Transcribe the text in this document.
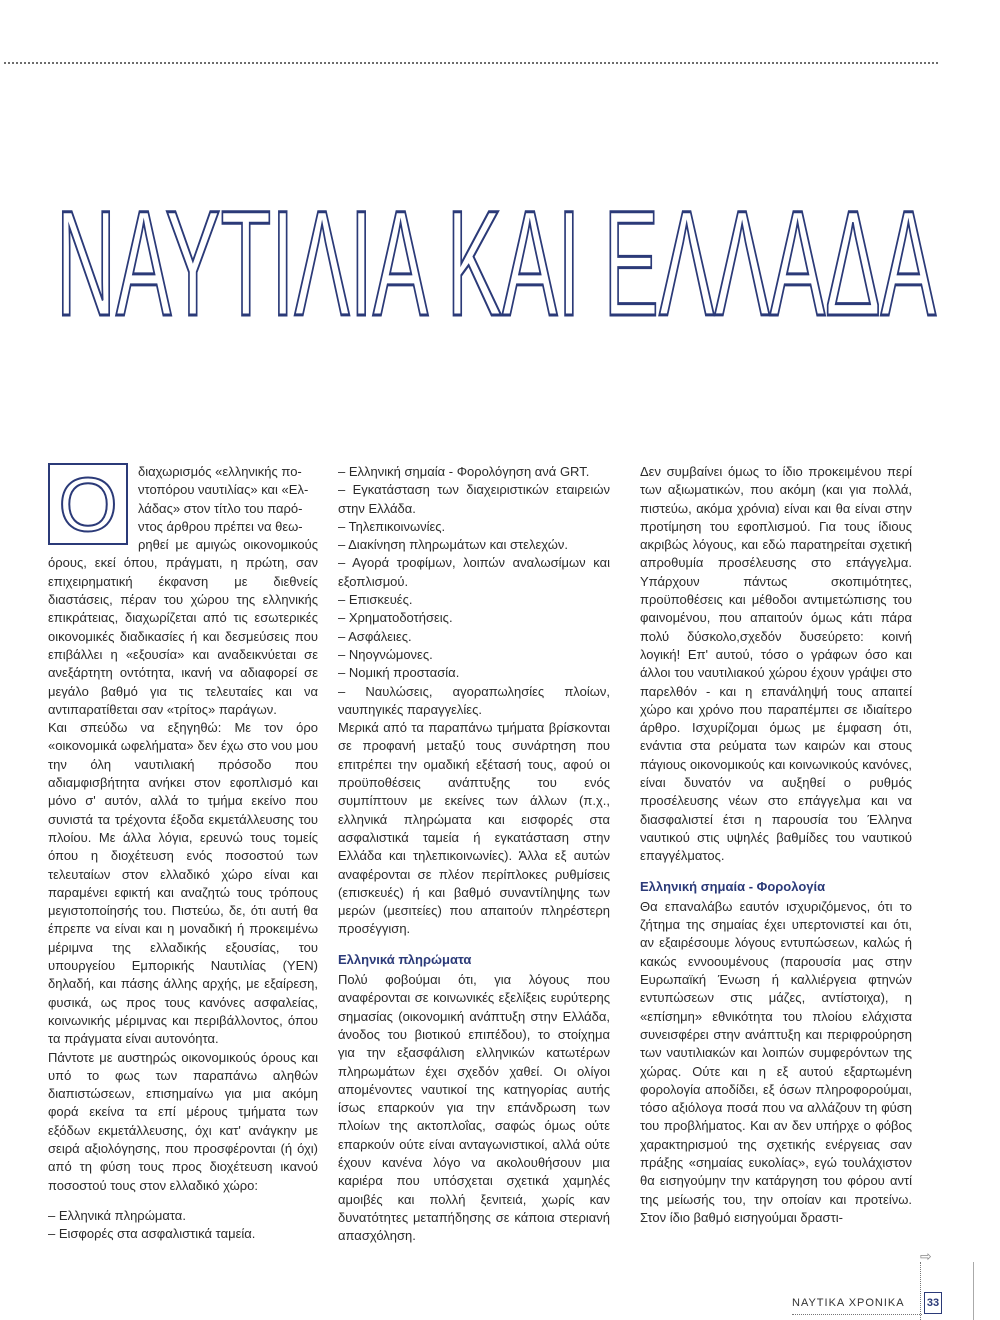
ΝΑΥΤΙΛΙΑ ΚΑΙ ΕΛΛΑΔΑ
Ο	διαχωρισμός «ελληνικής πο-
ντοπόρου ναυτιλίας» και «Ελ-
λάδας» στον τίτλο του παρό-
ντος άρθρου πρέπει να θεω-

ρηθεί με αμιγώς οικονομικούς όρους, εκεί όπου, πράγματι, η πρώτη, σαν επιχειρηματική έκφανση με διεθνείς διαστάσεις, πέραν του χώρου της ελληνικής επικράτειας, διαχωρίζεται από τις εσωτερικές οικονομικές διαδικασίες ή και δεσμεύσεις που επιβάλλει η «εξουσία» και αναδεικνύεται σε ανεξάρτητη οντότητα, ικανή να αδιαφορεί σε μεγάλο βαθμό για τις τελευταίες και να αντιπαρατίθεται σαν «τρίτος» παράγων.

Και σπεύδω να εξηγηθώ: Με τον όρο «οικονομικά ωφελήματα» δεν έχω στο νου μου την όλη ναυτιλιακή πρόσοδο που αδιαμφισβήτητα ανήκει στον εφοπλισμό και μόνο σ' αυτόν, αλλά το τμήμα εκείνο που συνιστά τα τρέχοντα έξοδα εκμετάλλευσης του πλοίου. Με άλλα λόγια, ερευνώ τους τομείς όπου η διοχέτευση ενός ποσοστού των τελευταίων στον ελλαδικό χώρο είναι και παραμένει εφικτή και αναζητώ τους τρόπους μεγιστοποίησής του. Πιστεύω, δε, ότι αυτή θα έπρεπε να είναι και η μοναδική ή προκειμένω μέριμνα της ελλαδικής εξουσίας, του υπουργείου Εμπορικής Ναυτιλίας (ΥΕΝ) δηλαδή, και πάσης άλλης αρχής, με εξαίρεση, φυσικά, ως προς τους κανόνες ασφαλείας, κοινωνικής μέριμνας και περιβάλλοντος, όπου τα πράγματα είναι αυτονόητα.

Πάντοτε με αυστηρώς οικονομικούς όρους και υπό το φως των παραπάνω αληθών διαπιστώσεων, επισημαίνω για μια ακόμη φορά εκείνα τα επί μέρους τμήματα των εξόδων εκμετάλλευσης, όχι κατ' ανάγκην με σειρά αξιολόγησης, που προσφέρονται (ή όχι) από τη φύση τους προς διοχέτευση ικανού ποσοστού τους στον ελλαδικό χώρο:

– Ελληνικά πληρώματα.
– Εισφορές στα ασφαλιστικά ταμεία.
– Ελληνική σημαία - Φορολόγηση ανά GRT.
– Εγκατάσταση των διαχειριστικών εταιρειών στην Ελλάδα.
– Τηλεπικοινωνίες.
– Διακίνηση πληρωμάτων και στελεχών.
– Αγορά τροφίμων, λοιπών αναλωσίμων και εξοπλισμού.
– Επισκευές.
– Χρηματοδοτήσεις.
– Ασφάλειες.
– Νηογνώμονες.
– Νομική προστασία.
– Ναυλώσεις, αγοραπωλησίες πλοίων, ναυπηγικές παραγγελίες.

Μερικά από τα παραπάνω τμήματα βρίσκονται σε προφανή μεταξύ τους συνάρτηση που επιτρέπει την ομαδική εξέτασή τους, αφού οι προϋποθέσεις ανάπτυξης του ενός συμπίπτουν με εκείνες των άλλων (π.χ., ελληνικά πληρώματα και εισφορές στα ασφαλιστικά ταμεία ή εγκατάσταση στην Ελλάδα και τηλεπικοινωνίες). Άλλα εξ αυτών αναφέρονται σε πλέον περίπλοκες ρυθμίσεις (επισκευές) ή και βαθμό συναντίληψης των μερών (μεσιτείες) που απαιτούν πληρέστερη προσέγγιση.

Ελληνικά πληρώματα

Πολύ φοβούμαι ότι, για λόγους που αναφέρονται σε κοινωνικές εξελίξεις ευρύτερης σημασίας (οικονομική ανάπτυξη στην Ελλάδα, άνοδος του βιοτικού επιπέδου), το στοίχημα για την εξασφάλιση ελληνικών κατωτέρων πληρωμάτων έχει σχεδόν χαθεί. Οι ολίγοι απομένοντες ναυτικοί της κατηγορίας αυτής ίσως επαρκούν για την επάνδρωση των πλοίων της ακτοπλοΐας, σαφώς όμως ούτε επαρκούν ούτε είναι ανταγωνιστικοί, αλλά ούτε έχουν κανένα λόγο να ακολουθήσουν μια καριέρα που υπόσχεται σχετικά χαμηλές αμοιβές και πολλή ξενιτειά, χωρίς καν δυνατότητες μεταπήδησης σε κάποια στεριανή απασχόληση.

Δεν συμβαίνει όμως το ίδιο προκειμένου περί των αξιωματικών, που ακόμη (και για πολλά, πιστεύω, ακόμα χρόνια) είναι και θα είναι στην προτίμηση του εφοπλισμού. Για τους ίδιους ακριβώς λόγους, και εδώ παρατηρείται σχετική απροθυμία προσέλευσης στο επάγγελμα. Υπάρχουν πάντως σκοπιμότητες, προϋποθέσεις και μέθοδοι αντιμετώπισης του φαινομένου, που απαιτούν όμως κάτι πάρα πολύ δύσκολο,σχεδόν δυσεύρετο: κοινή λογική! Επ' αυτού, τόσο ο γράφων όσο και άλλοι του ναυτιλιακού χώρου έχουν γράψει στο παρελθόν - και η επανάληψή τους απαιτεί χώρο και χρόνο που παραπέμπει σε ιδιαίτερο άρθρο. Ισχυρίζομαι όμως με έμφαση ότι, ενάντια στα ρεύματα των καιρών και στους πάγιους οικονομικούς και κοινωνικούς κανόνες, είναι δυνατόν να αυξηθεί ο ρυθμός προσέλευσης νέων στο επάγγελμα και να διασφαλιστεί έτσι η παρουσία του Έλληνα ναυτικού στις υψηλές βαθμίδες του ναυτικού επαγγέλματος.

Ελληνική σημαία - Φορολογία

Θα επαναλάβω εαυτόν ισχυριζόμενος, ότι το ζήτημα της σημαίας έχει υπερτονιστεί και ότι, αν εξαιρέσουμε λόγους εντυπώσεων, καλώς ή κακώς εννοουμένους (παρουσία μας στην Ευρωπαϊκή Ένωση ή καλλιέργεια φτηνών εντυπώσεων στις μάζες, αντίστοιχα), η «επίσημη» εθνικότητα του πλοίου ελάχιστα συνεισφέρει στην ανάπτυξη και περιφρούρηση των ναυτιλιακών και λοιπών συμφερόντων της χώρας. Ούτε και η εξ αυτού εξαρτωμένη φορολογία αποδίδει, εξ όσων πληροφορούμαι, τόσο αξιόλογα ποσά που να αλλάζουν τη φύση του προβλήματος. Και αν δεν υπήρχε ο φόβος χαρακτηρισμού της σχετικής ενέργειας σαν πράξης «σημαίας ευκολίας», εγώ τουλάχιστον θα εισηγούμην την κατάργηση του φόρου αντί της μείωσής του, την οποίαν και προτείνω. Στον ίδιο βαθμό εισηγούμαι δραστι-

⇨
ΝΑΥΤΙΚΑ ΧΡΟΝΙΚΑ	33
